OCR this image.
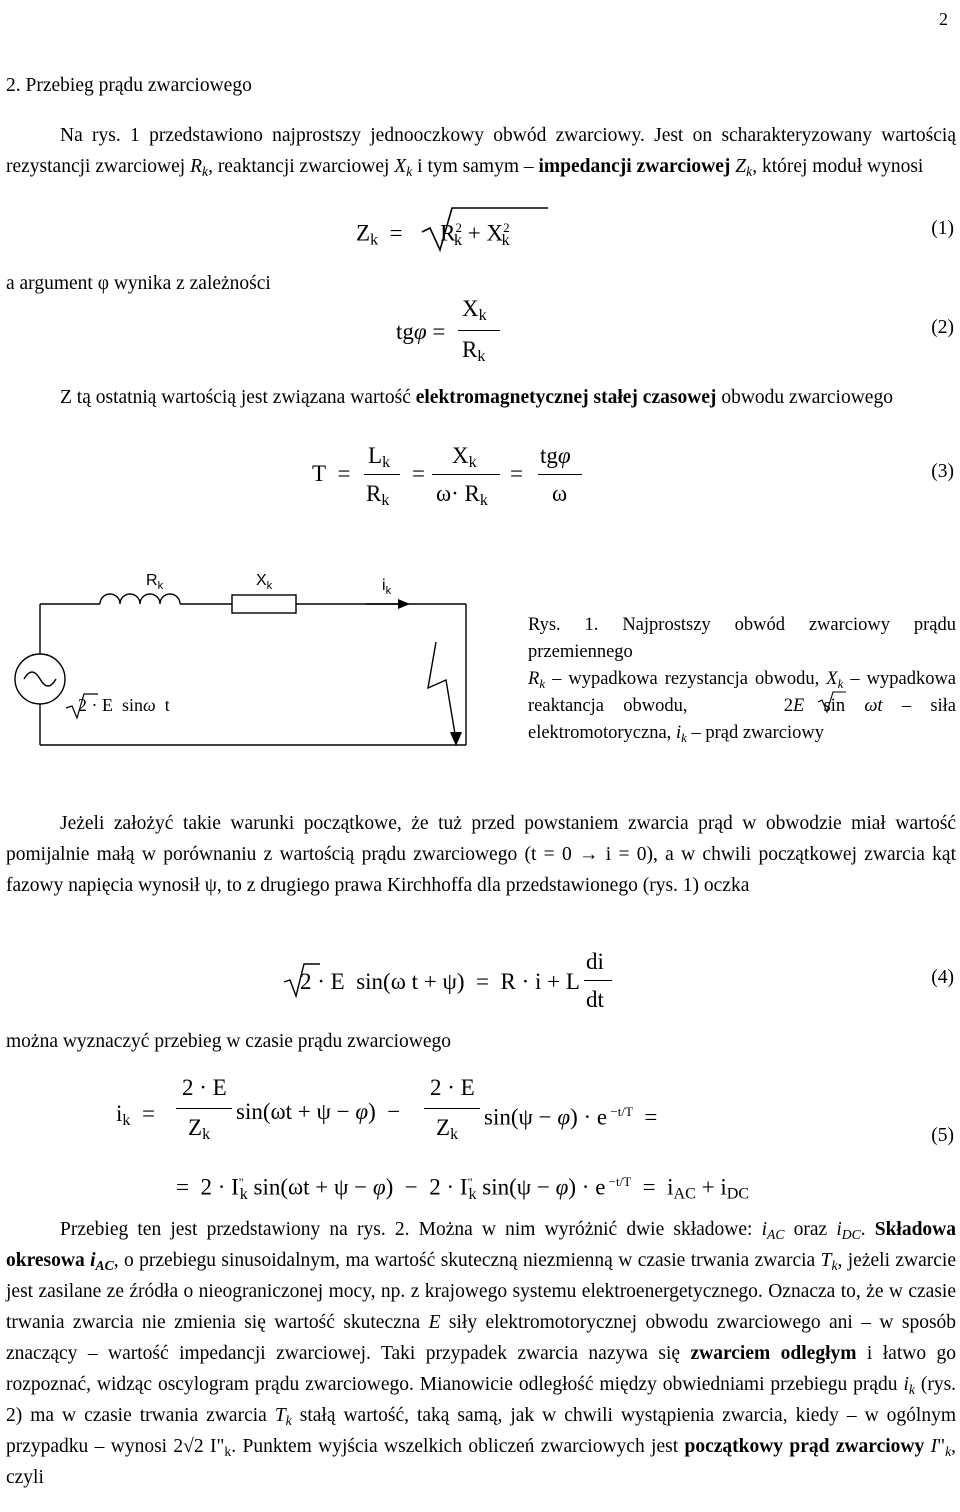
2
2. Przebieg prądu zwarciowego
Na rys. 1 przedstawiono najprostszy jednooczkowy obwód zwarciowy. Jest on scharakteryzowany wartością rezystancji zwarciowej $R_k$, reaktancji zwarciowej $X_k$ i tym samym – impedancji zwarciowej $Z_k$, której moduł wynosi
$Z_k = R^2_k + X^2_k$
(1)
a argument φ wynika z zależności
tgφ =
$X_k$
$R_k$
(2)
Z tą ostatnią wartością jest związana wartość elektromagnetycznej stałej czasowej obwodu zwarciowego
T  =
$L_k$
$R_k$
=
$X_k$
$\omega\cdot R_k$
=
tgφ
ω
(3)
$R_k$	$X_k$	$i_k$
2 · E  sinω  t
Rys. 1. Najprostszy obwód zwarciowy prądu przemiennego
$R_k$ – wypadkowa rezystancja obwodu, $X_k$ – wypadkowa reaktancja obwodu,     2E sin ωt – siła elektromotoryczna, $i_k$ – prąd zwarciowy
Jeżeli założyć takie warunki początkowe, że tuż przed powstaniem zwarcia prąd w obwodzie miał wartość pomijalnie małą w porównaniu z wartością prądu zwarciowego (t = 0 → i = 0), a w chwili początkowej zwarcia kąt fazowy napięcia wynosił ψ, to z drugiego prawa Kirchhoffa dla przedstawionego (rys. 1) oczka
2 · E  sin(ω t + ψ)  =  R · i + L
di
dt
(4)
można wyznaczyć przebieg w czasie prądu zwarciowego
$i_k$  =
2 · E
$Z_k$
sin(ωt + ψ − φ)  −
2 · E
$Z_k$
sin(ψ − φ) · e $^{-t/T}$  =
=  $2 \cdot I^"_k$ $\sin(\omega t + \psi - \varphi) - 2 \cdot I^"_k$ sin(ψ − φ) · e $^{-t/T} = i_{AC} + i_{DC}$
(5)
Przebieg ten jest przedstawiony na rys. 2. Można w nim wyróżnić dwie składowe: $i_{AC}$ oraz $i_{DC}$. Składowa okresowa $i_{AC}$, o przebiegu sinusoidalnym, ma wartość skuteczną niezmienną w czasie trwania zwarcia $T_k$, jeżeli zwarcie jest zasilane ze źródła o nieograniczonej mocy, np. z krajowego systemu elektroenergetycznego. Oznacza to, że w czasie trwania zwarcia nie zmienia się wartość skuteczna E siły elektromotorycznej obwodu zwarciowego ani – w sposób znaczący – wartość impedancji zwarciowej. Taki przypadek zwarcia nazywa się zwarciem odległym i łatwo go rozpoznać, widząc oscylogram prądu zwarciowego. Mianowicie odległość między obwiedniami przebiegu prądu $i_k$ (rys. 2) ma w czasie trwania zwarcia $T_k$ stałą wartość, taką samą, jak w chwili wystąpienia zwarcia, kiedy – w ogólnym przypadku – wynosi 2√2 $I"_k$. Punktem wyjścia wszelkich obliczeń zwarciowych jest początkowy prąd zwarciowy $I"_k$, czyli
